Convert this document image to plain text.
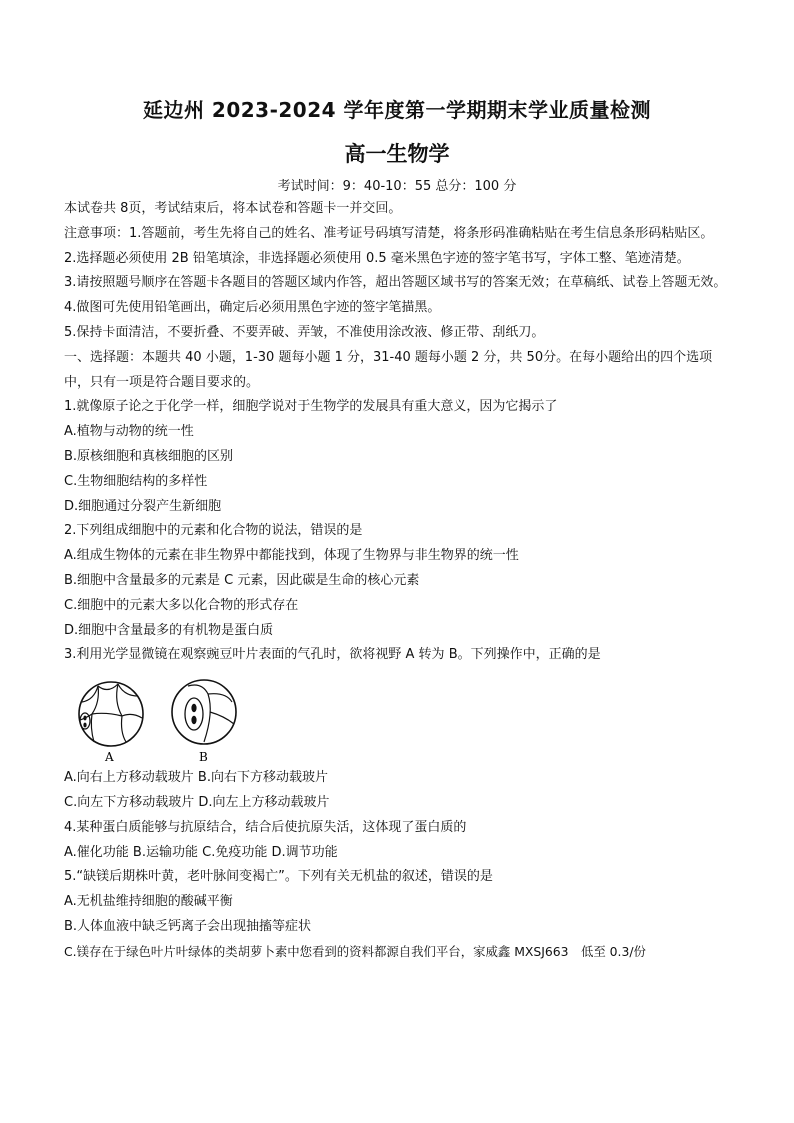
延边州 2023-2024 学年度第一学期期末学业质量检测
高一生物学
考试时间：9：40-10：55 总分：100 分

本试卷共 8页，考试结束后，将本试卷和答题卡一并交回。

注意事项：1.答题前，考生先将自己的姓名、准考证号码填写清楚，将条形码准确粘贴在考生信息条形码粘贴区。

2.选择题必须使用 2B 铅笔填涂，非选择题必须使用 0.5 毫米黑色字迹的签字笔书写，字体工整、笔迹清楚。

3.请按照题号顺序在答题卡各题目的答题区域内作答，超出答题区域书写的答案无效；在草稿纸、试卷上答题无效。

4.做图可先使用铅笔画出，确定后必须用黑色字迹的签字笔描黑。

5.保持卡面清洁，不要折叠、不要弄破、弄皱，不准使用涂改液、修正带、刮纸刀。

一、选择题：本题共 40 小题，1-30 题每小题 1 分，31-40 题每小题 2 分，共 50分。在每小题给出的四个选项中，只有一项是符合题目要求的。

1.就像原子论之于化学一样，细胞学说对于生物学的发展具有重大意义，因为它揭示了

A.植物与动物的统一性

B.原核细胞和真核细胞的区别

C.生物细胞结构的多样性

D.细胞通过分裂产生新细胞

2.下列组成细胞中的元素和化合物的说法，错误的是

A.组成生物体的元素在非生物界中都能找到，体现了生物界与非生物界的统一性

B.细胞中含量最多的元素是 C 元素，因此碳是生命的核心元素

C.细胞中的元素大多以化合物的形式存在

D.细胞中含量最多的有机物是蛋白质

3.利用光学显微镜在观察豌豆叶片表面的气孔时，欲将视野 A 转为 B。下列操作中，正确的是

A	B

A.向右上方移动载玻片 B.向右下方移动载玻片

C.向左下方移动载玻片 D.向左上方移动载玻片

4.某种蛋白质能够与抗原结合，结合后使抗原失活，这体现了蛋白质的

A.催化功能 B.运输功能 C.免疫功能 D.调节功能

5.“缺镁后期株叶黄，老叶脉间变褐亡”。下列有关无机盐的叙述，错误的是

A.无机盐维持细胞的酸碱平衡

B.人体血液中缺乏钙离子会出现抽搐等症状

C.镁存在于绿色叶片叶绿体的类胡萝卜素中您看到的资料都源自我们平台，家威鑫 MXSJ663　低至 0.3/份
